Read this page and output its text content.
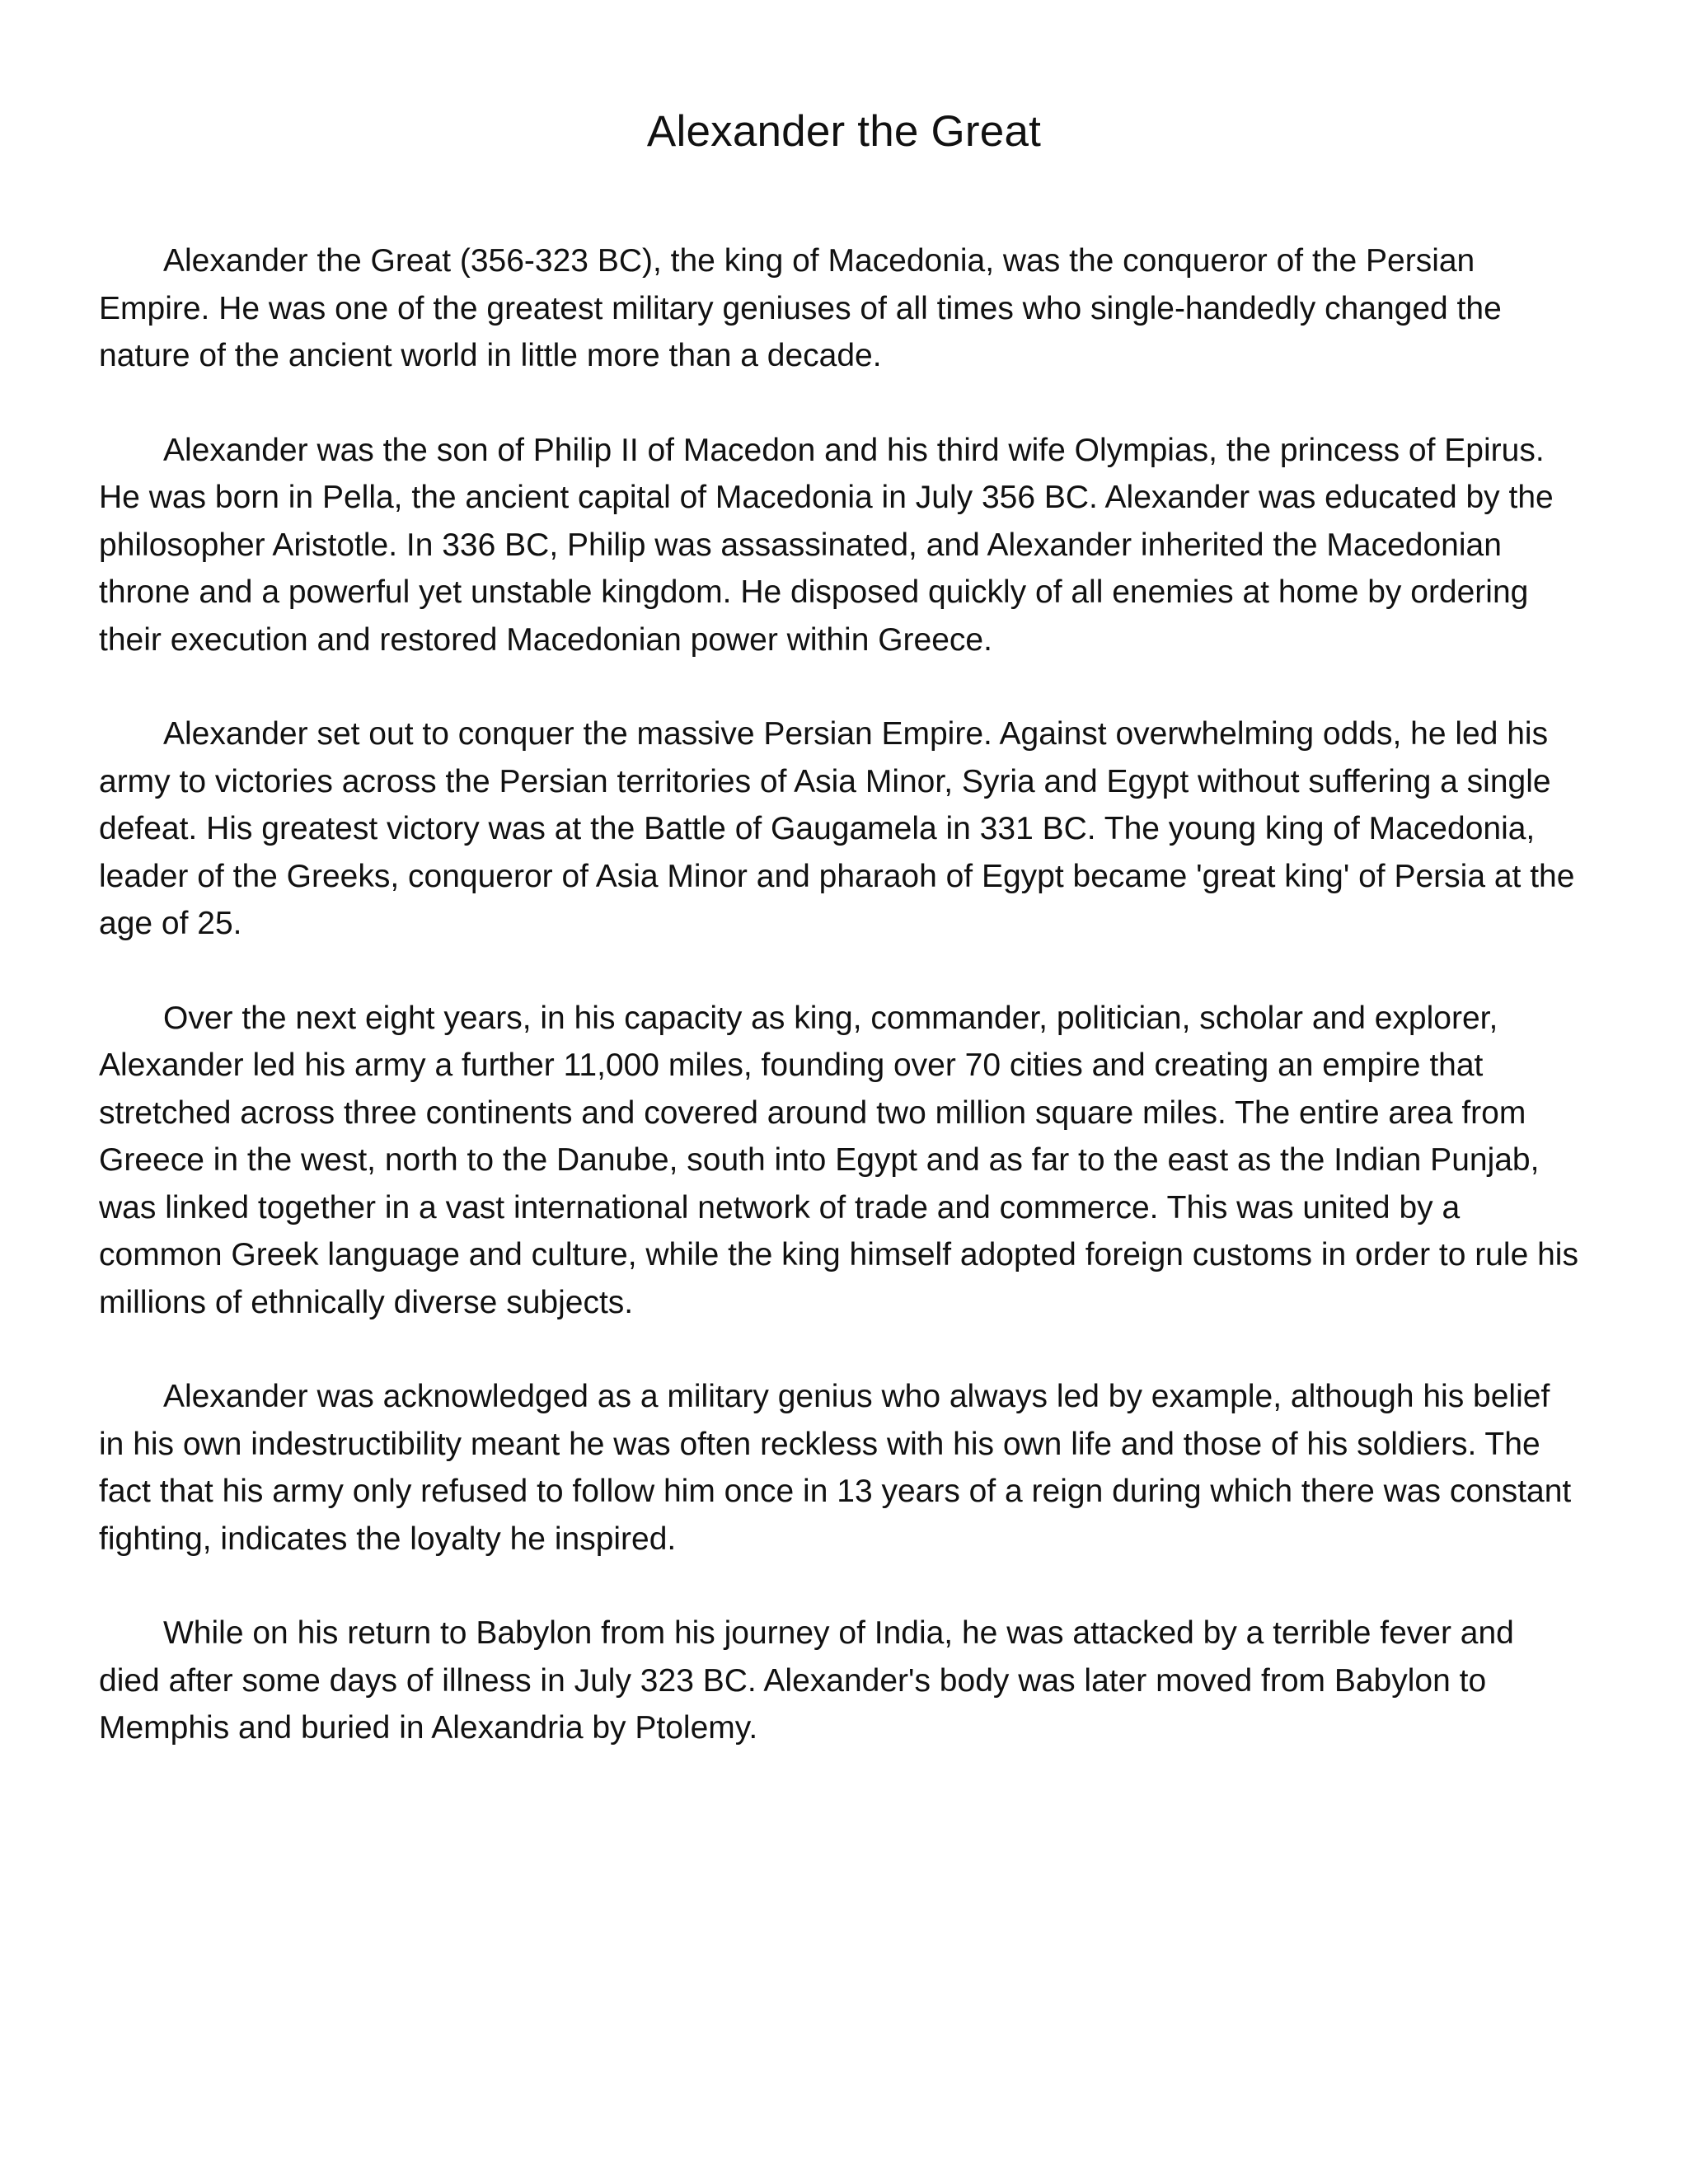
Alexander the Great

Alexander the Great (356-323 BC), the king of Macedonia, was the conqueror of the Persian Empire. He was one of the greatest military geniuses of all times who single-handedly changed the nature of the ancient world in little more than a decade.

Alexander was the son of Philip II of Macedon and his third wife Olympias, the princess of Epirus. He was born in Pella, the ancient capital of Macedonia in July 356 BC. Alexander was educated by the philosopher Aristotle. In 336 BC, Philip was assassinated, and Alexander inherited the Macedonian throne and a powerful yet unstable kingdom. He disposed quickly of all enemies at home by ordering their execution and restored Macedonian power within Greece.

Alexander set out to conquer the massive Persian Empire. Against overwhelming odds, he led his army to victories across the Persian territories of Asia Minor, Syria and Egypt without suffering a single defeat. His greatest victory was at the Battle of Gaugamela in 331 BC. The young king of Macedonia, leader of the Greeks, conqueror of Asia Minor and pharaoh of Egypt became 'great king' of Persia at the age of 25.

Over the next eight years, in his capacity as king, commander, politician, scholar and explorer, Alexander led his army a further 11,000 miles, founding over 70 cities and creating an empire that stretched across three continents and covered around two million square miles. The entire area from Greece in the west, north to the Danube, south into Egypt and as far to the east as the Indian Punjab, was linked together in a vast international network of trade and commerce. This was united by a common Greek language and culture, while the king himself adopted foreign customs in order to rule his millions of ethnically diverse subjects.

Alexander was acknowledged as a military genius who always led by example, although his belief in his own indestructibility meant he was often reckless with his own life and those of his soldiers. The fact that his army only refused to follow him once in 13 years of a reign during which there was constant fighting, indicates the loyalty he inspired.

While on his return to Babylon from his journey of India, he was attacked by a terrible fever and died after some days of illness in July 323 BC. Alexander's body was later moved from Babylon to Memphis and buried in Alexandria by Ptolemy.
